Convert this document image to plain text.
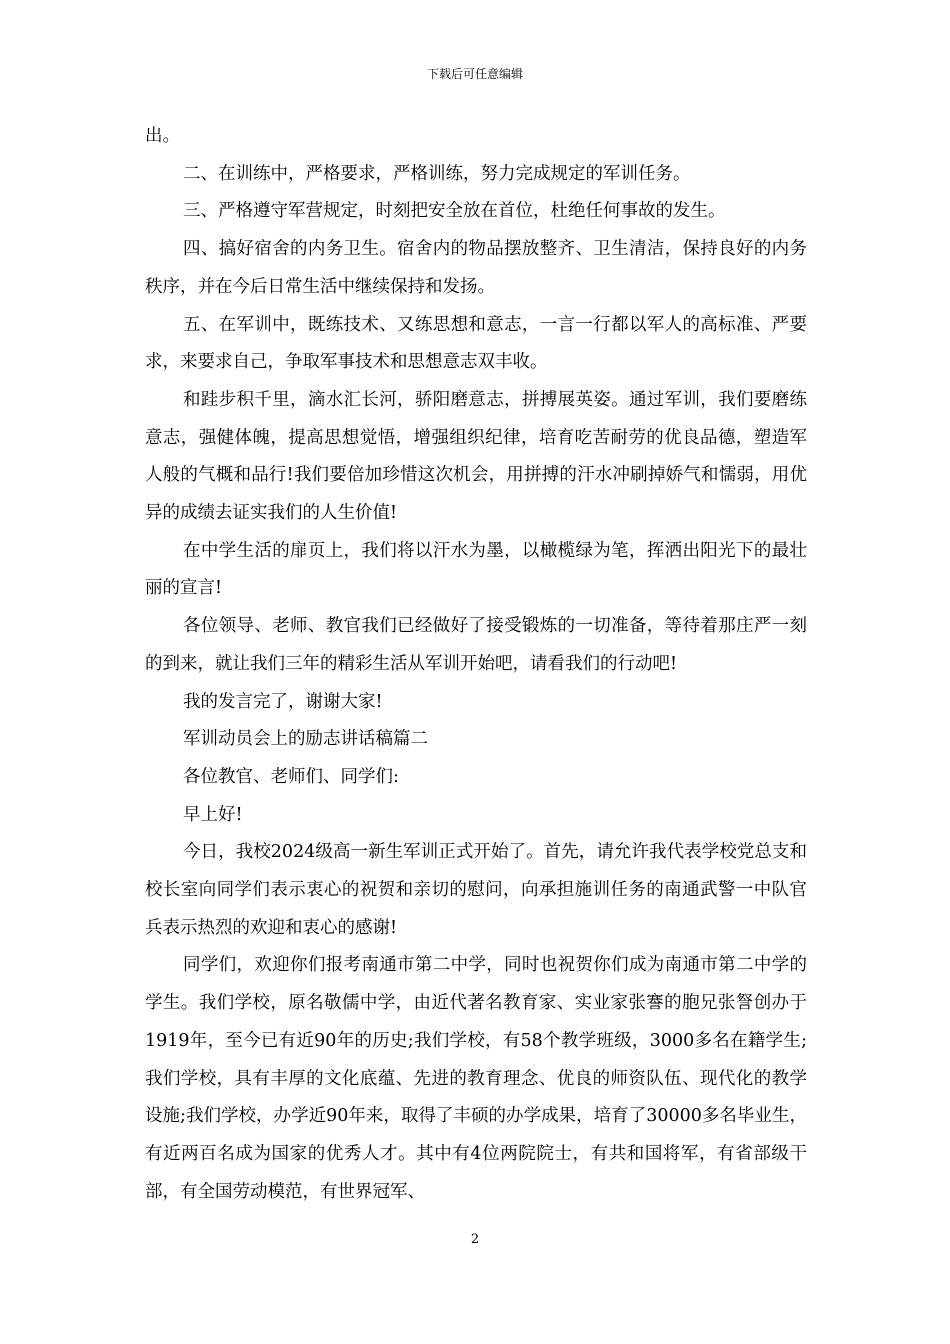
下载后可任意编辑

出。

二、在训练中，严格要求，严格训练，努力完成规定的军训任务。

三、严格遵守军营规定，时刻把安全放在首位，杜绝任何事故的发生。

四、搞好宿舍的内务卫生。宿舍内的物品摆放整齐、卫生清洁，保持良好的内务秩序，并在今后日常生活中继续保持和发扬。

五、在军训中，既练技术、又练思想和意志，一言一行都以军人的高标准、严要求，来要求自己，争取军事技术和思想意志双丰收。

和跬步积千里，滴水汇长河，骄阳磨意志，拼搏展英姿。通过军训，我们要磨练意志，强健体魄，提高思想觉悟，增强组织纪律，培育吃苦耐劳的优良品德，塑造军人般的气概和品行!我们要倍加珍惜这次机会，用拼搏的汗水冲刷掉娇气和懦弱，用优异的成绩去证实我们的人生价值!

在中学生活的扉页上，我们将以汗水为墨，以橄榄绿为笔，挥洒出阳光下的最壮丽的宣言!

各位领导、老师、教官我们已经做好了接受锻炼的一切准备，等待着那庄严一刻的到来，就让我们三年的精彩生活从军训开始吧，请看我们的行动吧!

我的发言完了，谢谢大家!

军训动员会上的励志讲话稿篇二

各位教官、老师们、同学们:

早上好!

今日，我校2024级高一新生军训正式开始了。首先，请允许我代表学校党总支和校长室向同学们表示衷心的祝贺和亲切的慰问，向承担施训任务的南通武警一中队官兵表示热烈的欢迎和衷心的感谢!

同学们，欢迎你们报考南通市第二中学，同时也祝贺你们成为南通市第二中学的学生。我们学校，原名敬儒中学，由近代著名教育家、实业家张謇的胞兄张詧创办于1919年，至今已有近90年的历史;我们学校，有58个教学班级，3000多名在籍学生;我们学校，具有丰厚的文化底蕴、先进的教育理念、优良的师资队伍、现代化的教学设施;我们学校，办学近90年来，取得了丰硕的办学成果，培育了30000多名毕业生，有近两百名成为国家的优秀人才。其中有4位两院院士，有共和国将军，有省部级干部，有全国劳动模范，有世界冠军、

2
